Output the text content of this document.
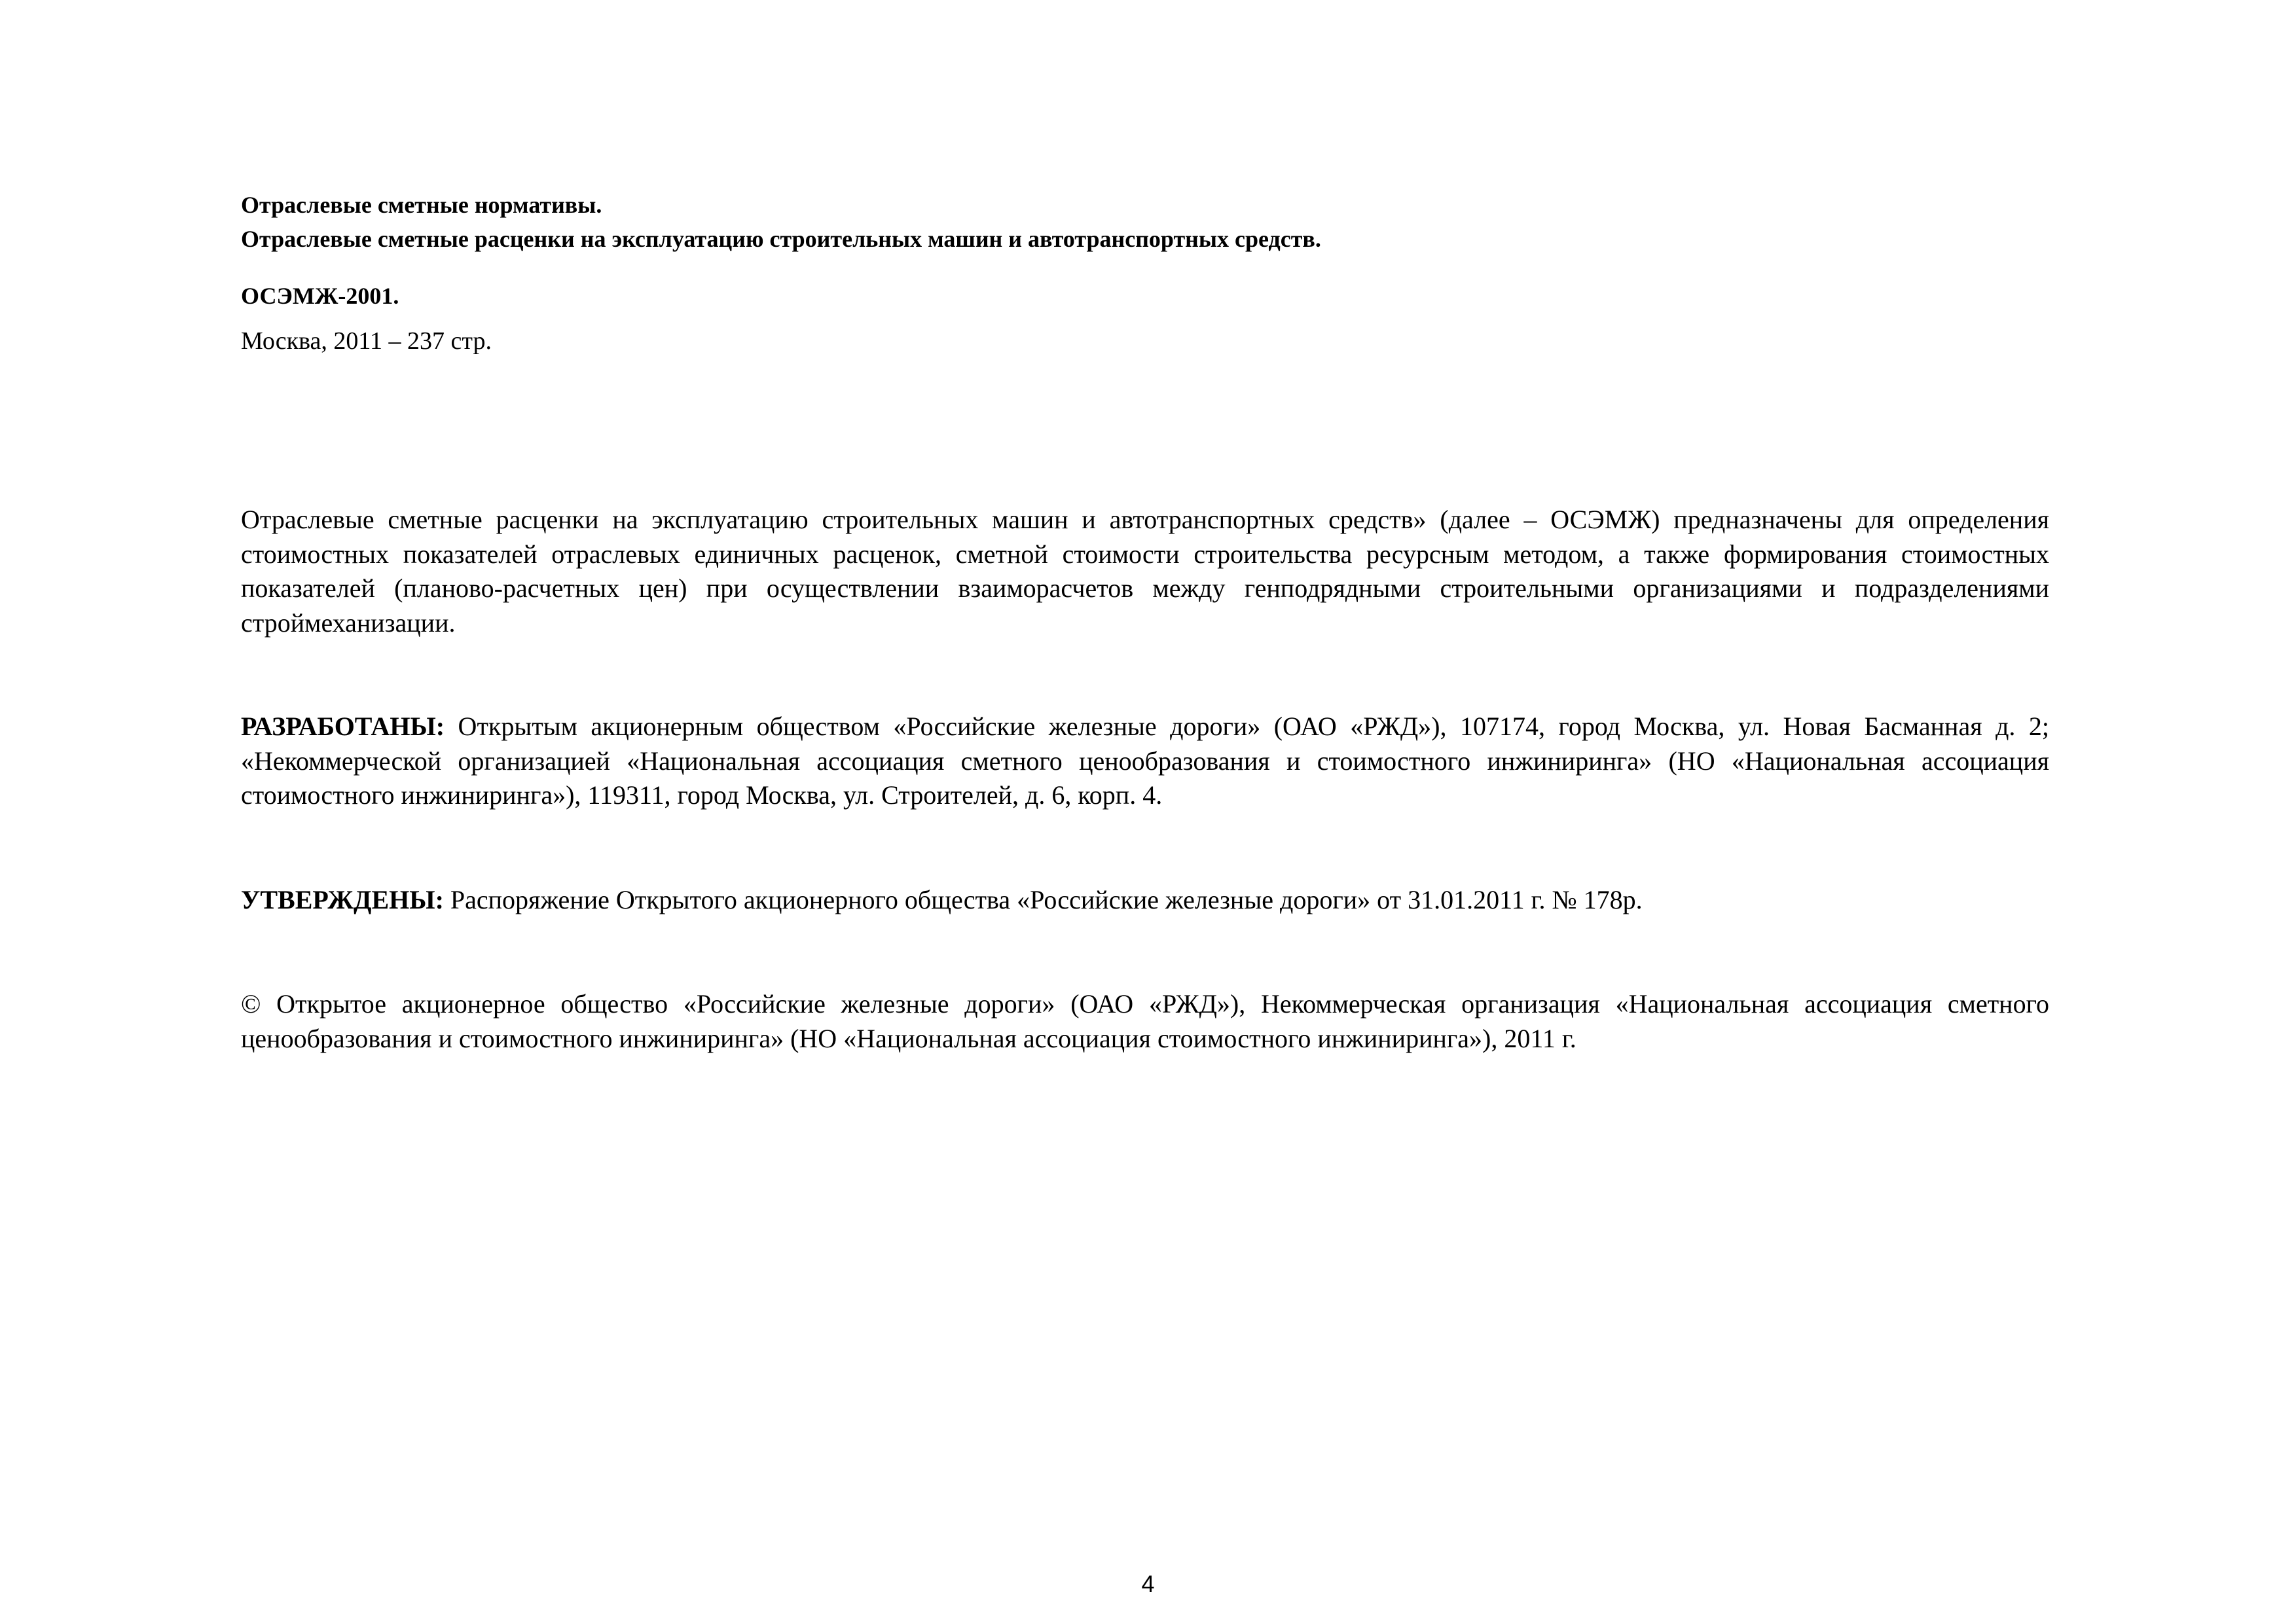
Отраслевые сметные нормативы.
Отраслевые сметные расценки на эксплуатацию строительных машин и автотранспортных средств.
ОСЭМЖ-2001.
Москва, 2011 – 237 стр.

Отраслевые сметные расценки на эксплуатацию строительных машин и автотранспортных средств» (далее – ОСЭМЖ) предназначены для определения стоимостных показателей отраслевых единичных расценок, сметной стоимости строительства ресурсным методом, а также формирования стоимостных показателей (планово-расчетных цен) при осуществлении взаиморасчетов между генподрядными строительными организациями и подразделениями строймеханизации.

РАЗРАБОТАНЫ: Открытым акционерным обществом «Российские железные дороги» (ОАО «РЖД»), 107174, город Москва, ул. Новая Басманная д. 2; «Некоммерческой организацией «Национальная ассоциация сметного ценообразования и стоимостного инжиниринга» (НО «Национальная ассоциация стоимостного инжиниринга»), 119311, город Москва, ул. Строителей, д. 6, корп. 4.

УТВЕРЖДЕНЫ: Распоряжение Открытого акционерного общества «Российские железные дороги» от 31.01.2011 г. № 178р.

© Открытое акционерное общество «Российские железные дороги» (ОАО «РЖД»), Некоммерческая организация «Национальная ассоциация сметного ценообразования и стоимостного инжиниринга» (НО «Национальная ассоциация стоимостного инжиниринга»), 2011 г.

4
